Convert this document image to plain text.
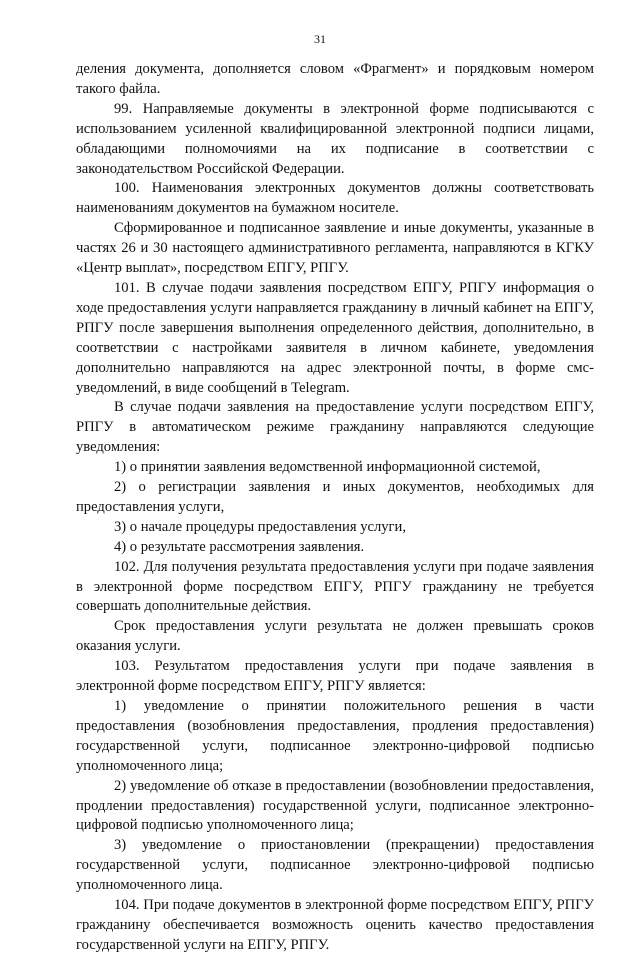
31

деления документа, дополняется словом «Фрагмент» и порядковым номером такого файла.

99. Направляемые документы в электронной форме подписываются с использованием усиленной квалифицированной электронной подписи лицами, обладающими полномочиями на их подписание в соответствии с законодательством Российской Федерации.

100. Наименования электронных документов должны соответствовать наименованиям документов на бумажном носителе.

Сформированное и подписанное заявление и иные документы, указанные в частях 26 и 30 настоящего административного регламента, направляются в КГКУ «Центр выплат», посредством ЕПГУ, РПГУ.

101. В случае подачи заявления посредством ЕПГУ, РПГУ информация о ходе предоставления услуги направляется гражданину в личный кабинет на ЕПГУ, РПГУ после завершения выполнения определенного действия, дополнительно, в соответствии с настройками заявителя в личном кабинете, уведомления дополнительно направляются на адрес электронной почты, в форме смс-уведомлений, в виде сообщений в Telegram.

В случае подачи заявления на предоставление услуги посредством ЕПГУ, РПГУ в автоматическом режиме гражданину направляются следующие уведомления:

1) о принятии заявления ведомственной информационной системой,

2) о регистрации заявления и иных документов, необходимых для предоставления услуги,

3) о начале процедуры предоставления услуги,

4) о результате рассмотрения заявления.

102. Для получения результата предоставления услуги при подаче заявления в электронной форме посредством ЕПГУ, РПГУ гражданину не требуется совершать дополнительные действия.

Срок предоставления услуги результата не должен превышать сроков оказания услуги.

103. Результатом предоставления услуги при подаче заявления в электронной форме посредством ЕПГУ, РПГУ является:

1) уведомление о принятии положительного решения в части предоставления (возобновления предоставления, продления предоставления) государственной услуги, подписанное электронно-цифровой подписью уполномоченного лица;

2) уведомление об отказе в предоставлении (возобновлении предоставления, продлении предоставления) государственной услуги, подписанное электронно-цифровой подписью уполномоченного лица;

3) уведомление о приостановлении (прекращении) предоставления государственной услуги, подписанное электронно-цифровой подписью уполномоченного лица.

104. При подаче документов в электронной форме посредством ЕПГУ, РПГУ гражданину обеспечивается возможность оценить качество предоставления государственной услуги на ЕПГУ, РПГУ.
